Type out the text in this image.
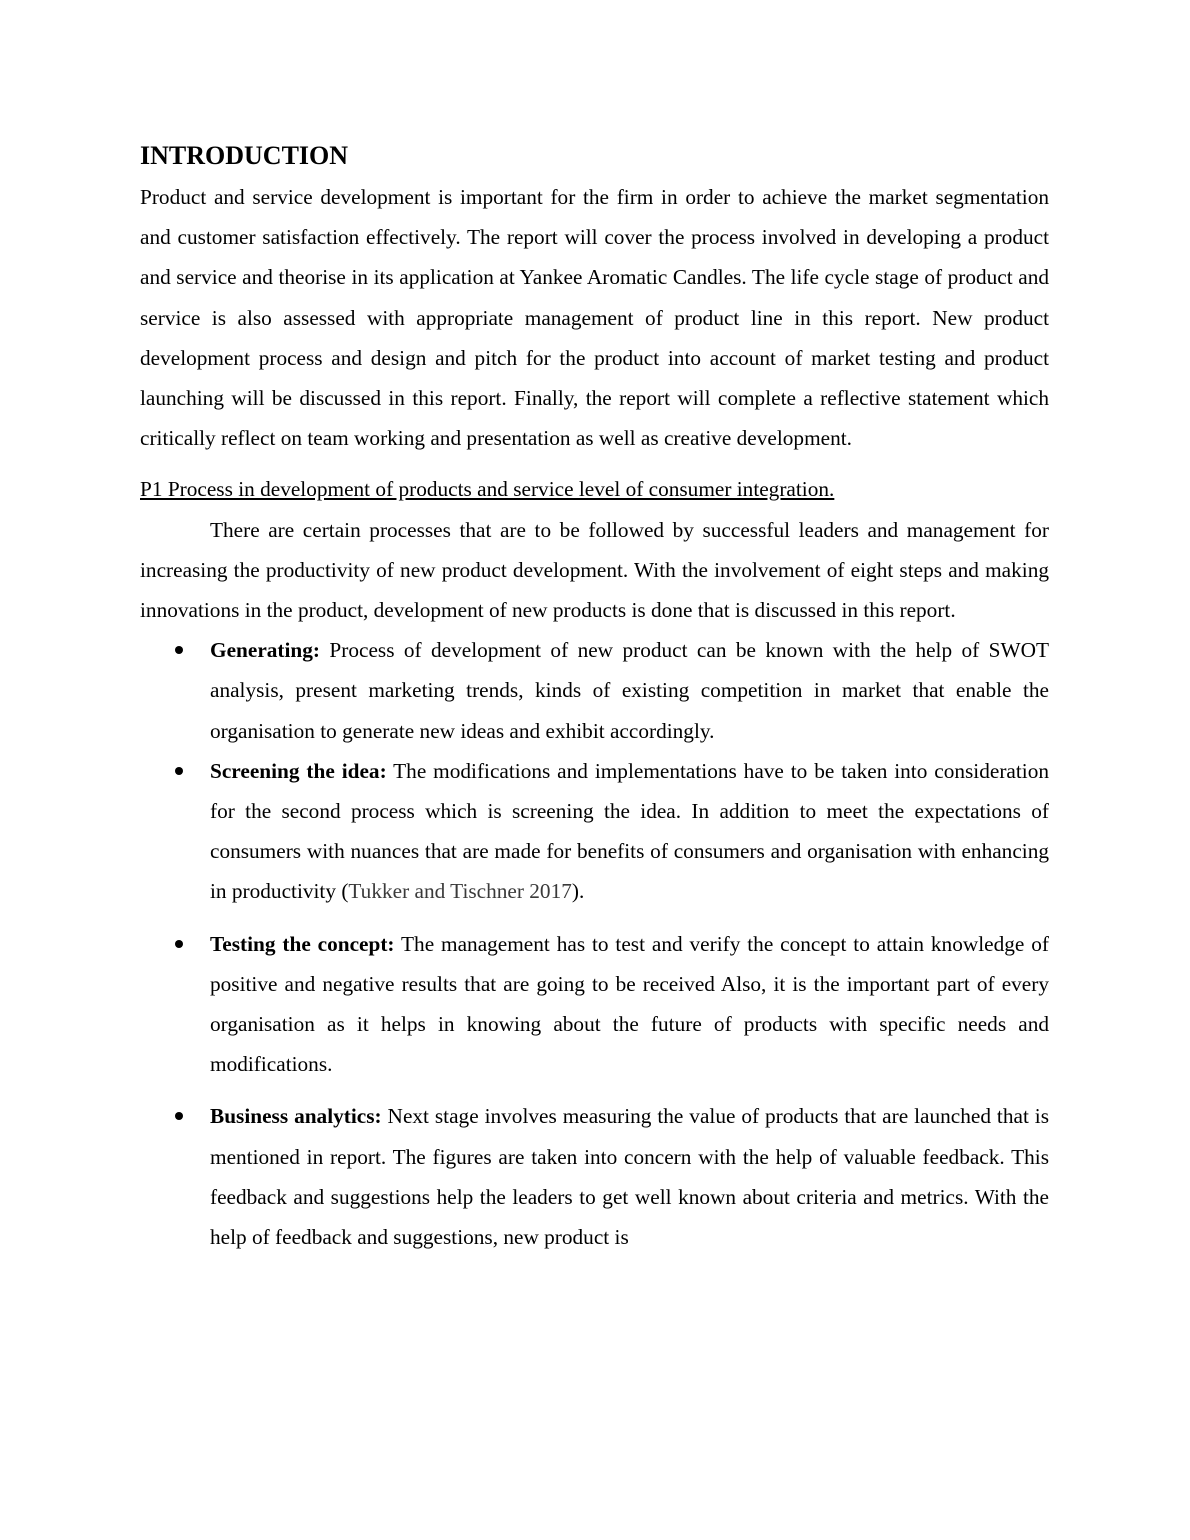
INTRODUCTION

Product and service development is important for the firm in order to achieve the market segmentation and customer satisfaction effectively. The report will cover the process involved in developing a product and service and theorise in its application at Yankee Aromatic Candles. The life cycle stage of product and service is also assessed with appropriate management of product line in this report. New product development process and design and pitch for the product into account of market testing and product launching will be discussed in this report. Finally, the report will complete a reflective statement which critically reflect on team working and presentation as well as creative development.

P1 Process in development of products and service level of consumer integration.

There are certain processes that are to be followed by successful leaders and management for increasing the productivity of new product development. With the involvement of eight steps and making innovations in the product, development of new products is done that is discussed in this report.

Generating: Process of development of new product can be known with the help of SWOT analysis, present marketing trends, kinds of existing competition in market that enable the organisation to generate new ideas and exhibit accordingly.
Screening the idea: The modifications and implementations have to be taken into consideration for the second process which is screening the idea. In addition to meet the expectations of consumers with nuances that are made for benefits of consumers and organisation with enhancing in productivity (Tukker and Tischner 2017).
Testing the concept: The management has to test and verify the concept to attain knowledge of positive and negative results that are going to be received Also, it is the important part of every organisation as it helps in knowing about the future of products with specific needs and modifications.
Business analytics: Next stage involves measuring the value of products that are launched that is mentioned in report. The figures are taken into concern with the help of valuable feedback. This feedback and suggestions help the leaders to get well known about criteria and metrics. With the help of feedback and suggestions, new product is
